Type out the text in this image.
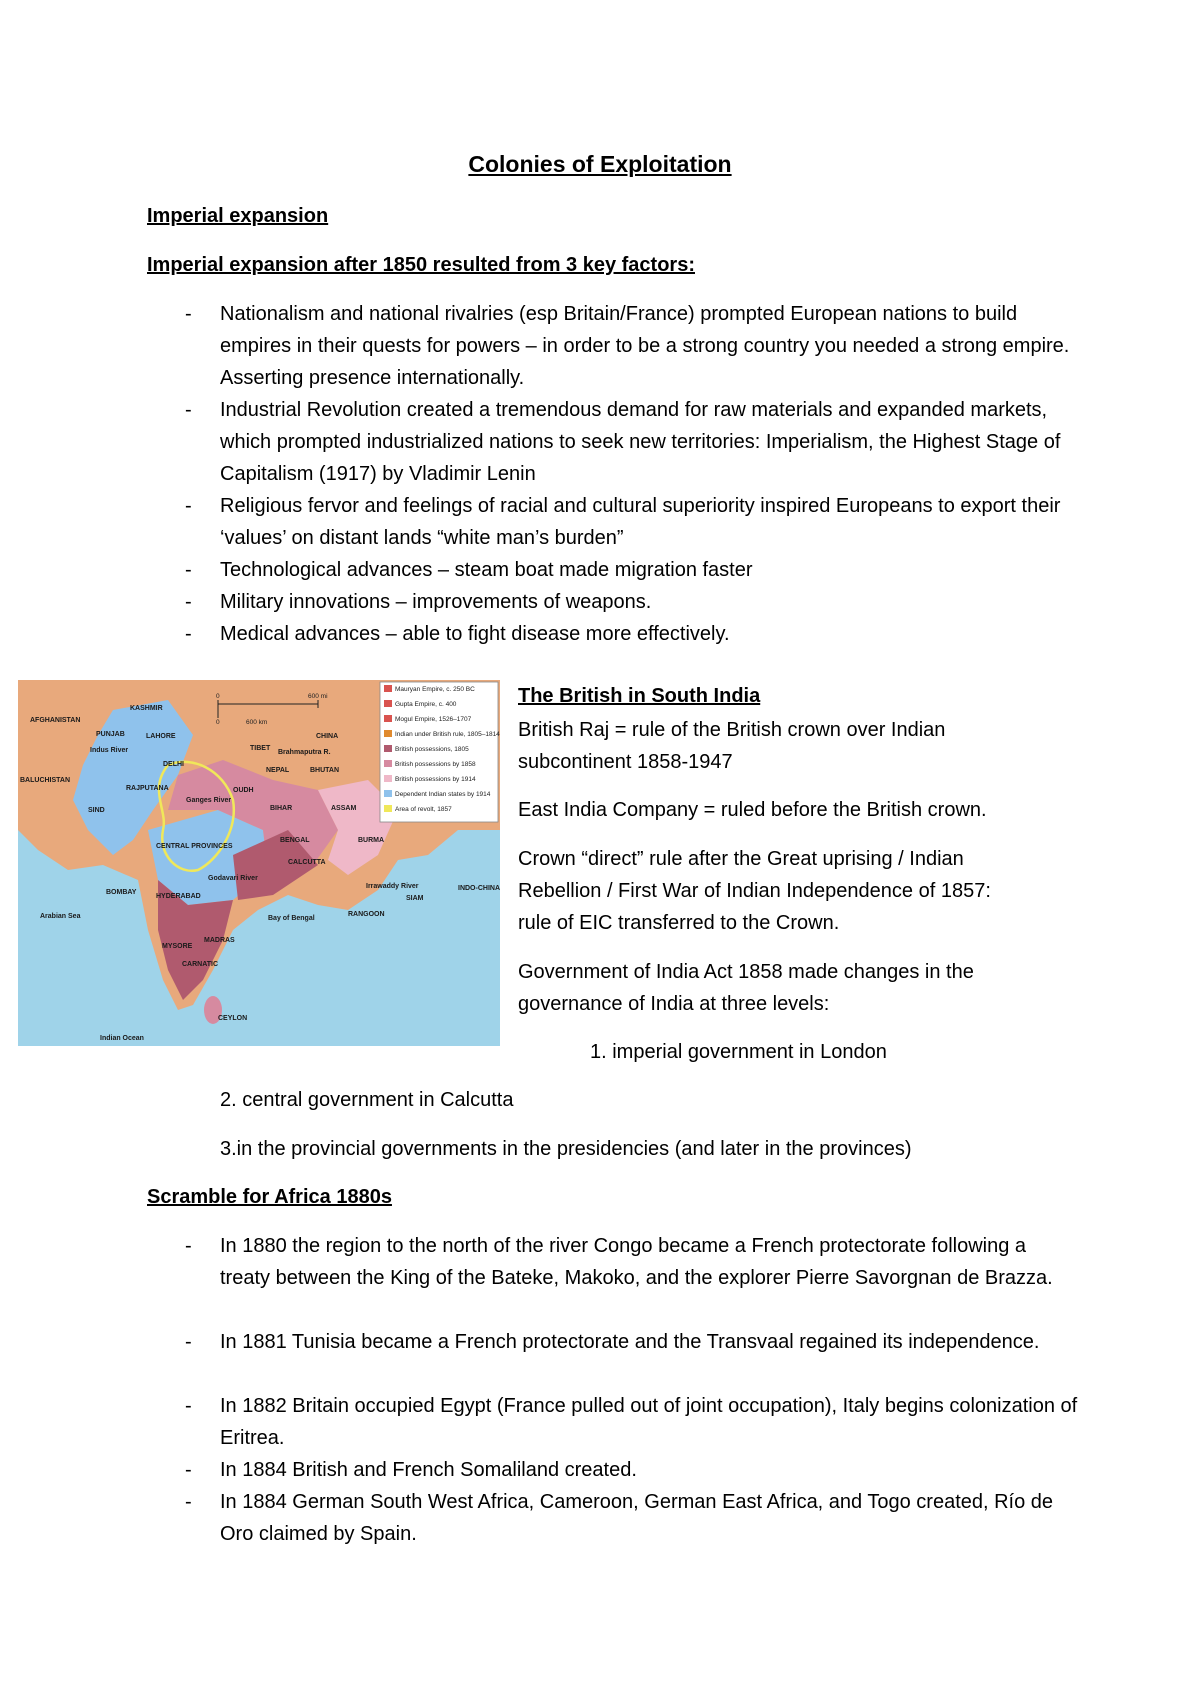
Colonies of Exploitation
Imperial expansion
Imperial expansion after 1850 resulted from 3 key factors:
- Nationalism and national rivalries (esp Britain/France) prompted European nations to build empires in their quests for powers – in order to be a strong country you needed a strong empire. Asserting presence internationally.
- Industrial Revolution created a tremendous demand for raw materials and expanded markets, which prompted industrialized nations to seek new territories: Imperialism, the Highest Stage of Capitalism (1917) by Vladimir Lenin
- Religious fervor and feelings of racial and cultural superiority inspired Europeans to export their ‘values’ on distant lands “white man’s burden”
- Technological advances – steam boat made migration faster
- Military innovations – improvements of weapons.
- Medical advances – able to fight disease more effectively.
Mauryan Empire, c. 250 BC
Gupta Empire, c. 400
Mogul Empire, 1526–1707
Indian under British rule, 1805–1814
British possessions, 1805
British possessions by 1858
British possessions by 1914
Dependent Indian states by 1914
Area of revolt, 1857
0	600 mi
0	600 km
KASHMIR
AFGHANISTAN
PUNJAB	LAHORE
Indus River
BALUCHISTAN
DELHI
RAJPUTANA
SIND
Ganges River
OUDH
NEPAL	BHUTAN
BIHAR	ASSAM
BENGAL	BURMA
CALCUTTA
CENTRAL PROVINCES
Godavari River
HYDERABAD
BOMBAY
Arabian Sea	Bay of Bengal
MYSORE
MADRAS
CARNATIC
CEYLON
Indian Ocean
TIBET
CHINA
Brahmaputra R.
Irrawaddy River
SIAM
INDO-CHINA
RANGOON
The British in South India
British Raj = rule of the British crown over Indian
subcontinent 1858-1947
East India Company = ruled before the British crown.
Crown “direct” rule after the Great uprising / Indian
Rebellion / First War of Indian Independence of 1857:
rule of EIC transferred to the Crown.
Government of India Act 1858 made changes in the
governance of India at three levels:
1. imperial government in London
2. central government in Calcutta
3.in the provincial governments in the presidencies (and later in the provinces)
Scramble for Africa 1880s
- In 1880 the region to the north of the river Congo became a French protectorate following a treaty between the King of the Bateke, Makoko, and the explorer Pierre Savorgnan de Brazza.
- In 1881 Tunisia became a French protectorate and the Transvaal regained its independence.
- In 1882 Britain occupied Egypt (France pulled out of joint occupation), Italy begins colonization of Eritrea.
- In 1884 British and French Somaliland created.
- In 1884 German South West Africa, Cameroon, German East Africa, and Togo created, Río de Oro claimed by Spain.
